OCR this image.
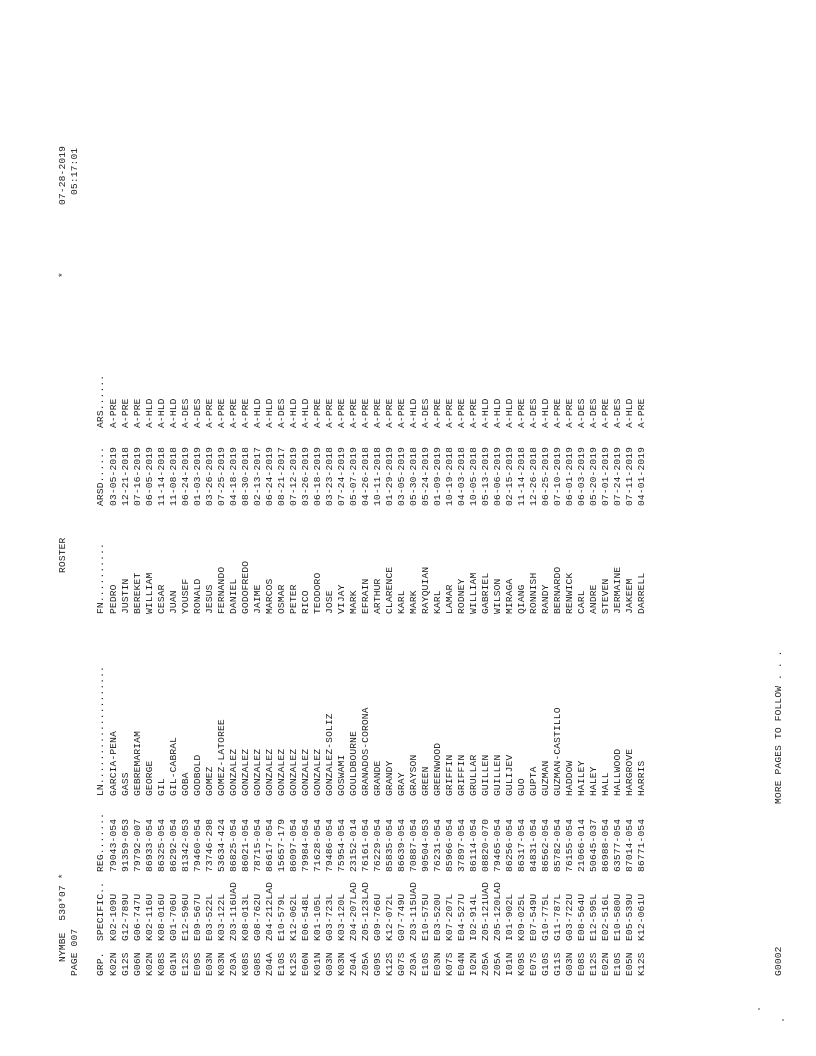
NYMBE  530*07 * PAGE 007
ROSTER
*
07-28-2019 05:17:01
GRP.
SPECIFIC..
REG.......
LN....................
FN..........
ARSD......
ARS......
K02N G12S G06N K02N K08S G01N E12S E09S E03N K03N Z03A K08S G08S Z04A E10S K12S E06N K01N G03N K03N Z04A Z05A G09S K12S G07S Z03A E10S E03N K07S E04N I02N Z05A Z05A I01N K09S E07S G10S G11S G03N E08S E12S E02N E10S E05N K12S
K02-109U G12-789U G06-747U K02-116U K08-016U G01-706U E12-596U E09-567U E03-522L K03-122L Z03-116UAD K08-013L G08-762U Z04-212LAD E10-579L K12-062L E06-548L K01-105L G03-723L K03-120L Z04-207LAD Z05-123LAD G09-766U K12-072L G07-749U Z03-115UAD E10-575U E03-520U K07-207L E04-527U I02-914L Z05-121UAD Z05-120LAD I01-902L K09-025L E07-549U G10-775L G11-787L G03-722U E08-564U E12-595L E02-516L E10-580U E05-539U K12-061U
79043-054 91359-053 79792-007 86933-054 86325-054 86292-054 81342-053 79460-054 73746-298 53634-424 86825-054 86021-054 78715-054 86617-054 15657-179 86097-054 79984-054 71628-054 79486-054 75954-054 23152-014 76161-054 76229-054 85835-054 86639-054 70887-054 90504-053 76231-054 85966-054 37897-054 86114-054 08820-070 79465-054 86256-054 86317-054 84831-054 86562-054 85782-054 76155-054 21066-014 50645-037 86988-054 63577-054 87014-054 86771-054
GARCIA-PENA GASS GEBREMARIAM GEORGE GIL GIL-CABRAL GOBA GODBOLD GOMEZ GOMEZ-LATOREE GONZALEZ GONZALEZ GONZALEZ GONZALEZ GONZALEZ GONZALEZ GONZALEZ GONZALEZ GONZALEZ-SOLIZ GOSWAMI GOULDBOURNE GRANADOS-CORONA GRANDE GRANDY GRAY GRAYSON GREEN GREENWOOD GRIFFIN GRIFFIN GRULLAR GUILLEN GUILLEN GULIJEV GUO GUPTA GUZMAN GUZMAN-CASTILLO HADDOW HAILEY HALEY HALL HALLWOOD HARGROVE HARRIS
PEDRO JUSTIN BEREKET WILLIAM CESAR JUAN YOUSEF RONALD JESUS FERNANDO DANIEL GODOFREDO JAIME MARCOS OSMAR PETER RICO TEODORO JOSE VIJAY MARK EFRAIN ARTHUR CLARENCE KARL MARK RAYQUIAN KARL LAMAR RODNEY WILLIAM GABRIEL WILSON MIRAGA QIANG RONNISH RANDY BERNARDO RENWICK CARL ANDRE STEVEN JERMAINE JAKEEM DARRELL
03-05-2019 12-21-2018 07-16-2019 06-05-2019 11-14-2018 11-08-2018 06-24-2019 01-03-2019 03-26-2019 07-25-2019 04-18-2019 08-30-2018 02-13-2017 06-24-2019 08-21-2017 07-12-2019 03-26-2019 06-18-2019 03-23-2018 07-24-2019 05-07-2019 04-26-2018 10-11-2018 01-29-2019 03-05-2019 05-30-2018 05-24-2019 01-09-2019 10-19-2018 04-03-2018 10-05-2018 05-13-2019 06-06-2019 02-15-2019 11-14-2018 12-26-2018 06-25-2019 07-10-2019 06-01-2019 06-03-2019 05-20-2019 07-01-2019 07-24-2019 07-11-2019 04-01-2019
A-PRE A-PRE A-PRE A-HLD A-HLD A-HLD A-DES A-DES A-PRE A-PRE A-PRE A-PRE A-HLD A-HLD A-DES A-HLD A-HLD A-PRE A-PRE A-PRE A-PRE A-PRE A-PRE A-PRE A-PRE A-HLD A-DES A-PRE A-PRE A-PRE A-PRE A-HLD A-HLD A-HLD A-PRE A-DES A-HLD A-PRE A-PRE A-DES A-DES A-PRE A-DES A-HLD A-PRE
G0002
MORE PAGES TO FOLLOW . . .
